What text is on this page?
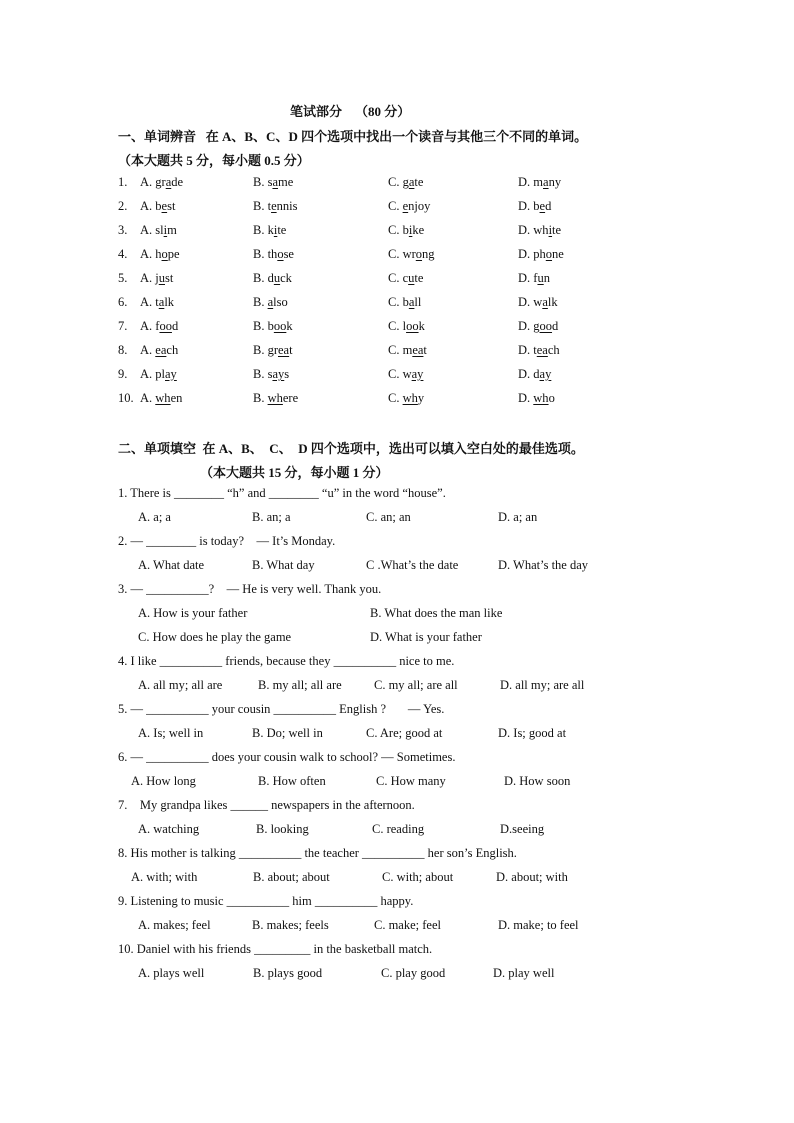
笔试部分    （80 分）
一、单词辨音   在 A、B、C、D 四个选项中找出一个读音与其他三个不同的单词。
（本大题共 5 分，每小题 0.5 分）
1. A. grade	B. same	C. gate	D. many
2. A. best	B. tennis	C. enjoy	D. bed
3. A. slim	B. kite	C. bike	D. white
4. A. hope	B. those	C. wrong	D. phone
5. A. just	B. duck	C. cute	D. fun
6. A. talk	B. also	C. ball	D. walk
7. A. food	B. book	C. look	D. good
8. A. each	B. great	C. meat	D. teach
9. A. play	B. says	C. way	D. day
10. A. when	B. where	C. why	D. who
二、单项填空  在 A、B、  C、  D 四个选项中，选出可以填入空白处的最佳选项。
（本大题共 15 分，每小题 1 分）
1. There is ________ “h” and ________ “u” in the word “house”.
A. a; a	B. an; a	C. an; an	D. a; an
2. — ________ is today?    — It’s Monday.
A. What date	B. What day	C .What’s the date	D. What’s the day
3. — __________?    — He is very well. Thank you.
A. How is your father	B. What does the man like
C. How does he play the game	D. What is your father
4. I like __________ friends, because they __________ nice to me.
A. all my; all are	B. my all; all are	C. my all; are all	D. all my; are all
5. — __________ your cousin __________ English ?       — Yes.
A. Is; well in	B. Do; well in	C. Are; good at	D. Is; good at
6. — __________ does your cousin walk to school? — Sometimes.
A. How long	B. How often	C. How many	D. How soon
7.    My grandpa likes ______ newspapers in the afternoon.
A. watching	B. looking	C. reading	D.seeing
8. His mother is talking __________ the teacher __________ her son’s English.
A. with; with	B. about; about	C. with; about	D. about; with
9. Listening to music __________ him __________ happy.
A. makes; feel	B. makes; feels	C. make; feel	D. make; to feel
10. Daniel with his friends _________ in the basketball match.
A. plays well	B. plays good	C. play good	D. play well
